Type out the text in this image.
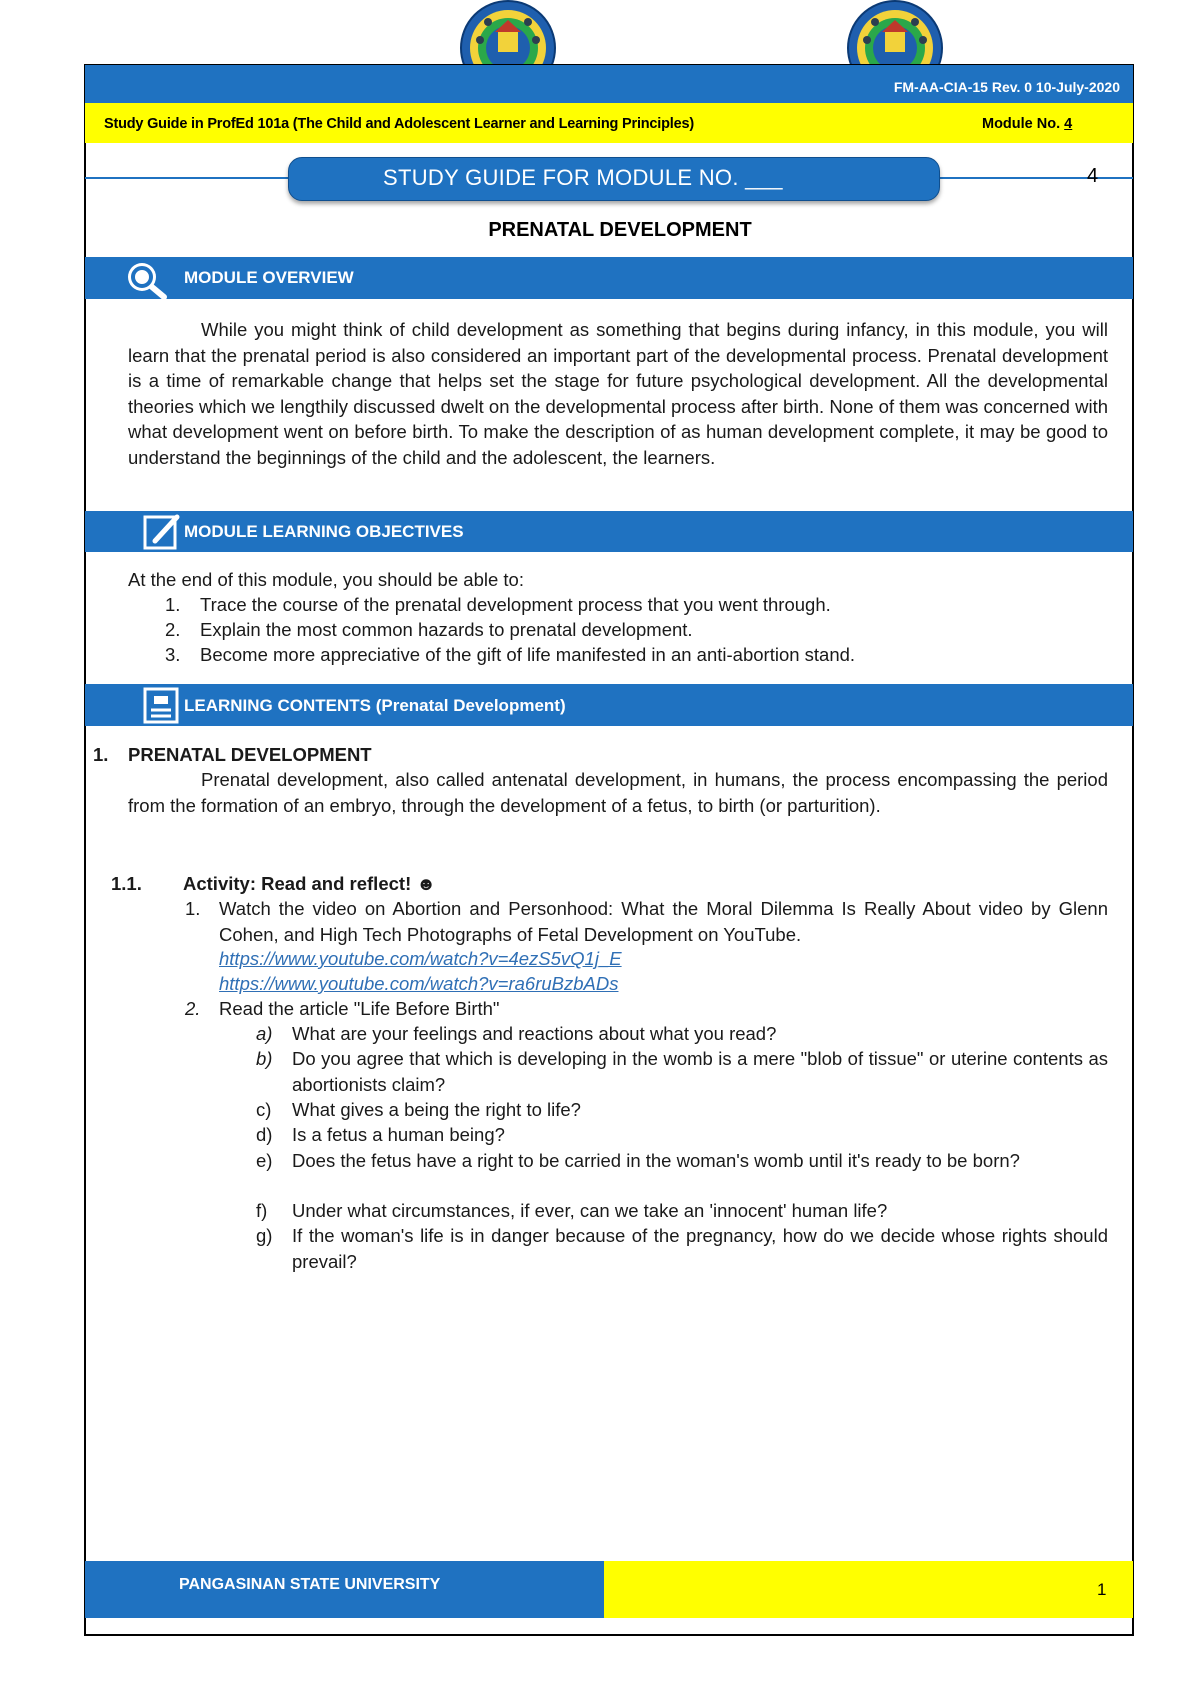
FM-AA-CIA-15 Rev. 0 10-July-2020
Study Guide in ProfEd 101a (The Child and Adolescent Learner and Learning Principles)	Module No. 4
STUDY GUIDE FOR MODULE NO. ___	4
PRENATAL DEVELOPMENT
MODULE OVERVIEW
While you might think of child development as something that begins during infancy, in this module, you will learn that the prenatal period is also considered an important part of the developmental process. Prenatal development is a time of remarkable change that helps set the stage for future psychological development. All the developmental theories which we lengthily discussed dwelt on the developmental process after birth. None of them was concerned with what development went on before birth. To make the description of as human development complete, it may be good to understand the beginnings of the child and the adolescent, the learners.
MODULE LEARNING OBJECTIVES
At the end of this module, you should be able to:
1. Trace the course of the prenatal development process that you went through.
2. Explain the most common hazards to prenatal development.
3. Become more appreciative of the gift of life manifested in an anti-abortion stand.
LEARNING CONTENTS (Prenatal Development)
1. PRENATAL DEVELOPMENT
Prenatal development, also called antenatal development, in humans, the process encompassing the period from the formation of an embryo, through the development of a fetus, to birth (or parturition).
1.1. Activity: Read and reflect! ☻
1. Watch the video on Abortion and Personhood: What the Moral Dilemma Is Really About video by Glenn Cohen, and High Tech Photographs of Fetal Development on YouTube.
https://www.youtube.com/watch?v=4ezS5vQ1j_E
https://www.youtube.com/watch?v=ra6ruBzbADs
2. Read the article "Life Before Birth"
a) What are your feelings and reactions about what you read?
b) Do you agree that which is developing in the womb is a mere "blob of tissue" or uterine contents as abortionists claim?
c) What gives a being the right to life?
d) Is a fetus a human being?
e) Does the fetus have a right to be carried in the woman's womb until it's ready to be born?
f) Under what circumstances, if ever, can we take an 'innocent' human life?
g) If the woman's life is in danger because of the pregnancy, how do we decide whose rights should prevail?
PANGASINAN STATE UNIVERSITY	1
